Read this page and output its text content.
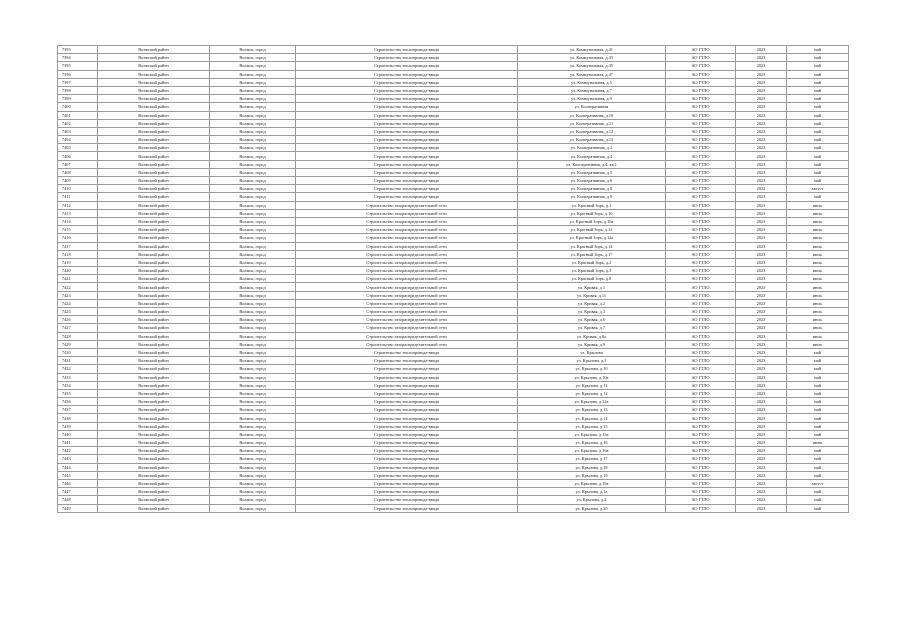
7393	Волжский район	Волжск, город	Строительство теплопровода-ввода	ул. Коммунальная, д.41	АО ГТЛО	2023	май
7394	Волжский район	Волжск, город	Строительство теплопровода-ввода	ул. Коммунальная, д.43	АО ГТЛО	2023	май
7395	Волжский район	Волжск, город	Строительство теплопровода-ввода	ул. Коммунальная, д.45	АО ГТЛО	2023	май
7396	Волжский район	Волжск, город	Строительство теплопровода-ввода	ул. Коммунальная, д.47	АО ГТЛО	2023	май
7397	Волжский район	Волжск, город	Строительство теплопровода-ввода	ул. Коммунальная, д.5	АО ГТЛО	2023	май
7398	Волжский район	Волжск, город	Строительство теплопровода-ввода	ул. Коммунальная, д.7	АО ГТЛО	2023	май
7399	Волжский район	Волжск, город	Строительство теплопровода-ввода	ул. Коммунальная, д.9	АО ГТЛО	2023	май
7400	Волжский район	Волжск, город	Строительство теплопровода-ввода	ул. Кооперативная	АО ГТЛО	2023	май
7401	Волжский район	Волжск, город	Строительство теплопровода-ввода	ул. Кооперативная, д.10	АО ГТЛО	2023	май
7402	Волжский район	Волжск, город	Строительство теплопровода-ввода	ул. Кооперативная, д.11	АО ГТЛО	2023	май
7403	Волжский район	Волжск, город	Строительство теплопровода-ввода	ул. Кооперативная, д.12	АО ГТЛО	2023	май
7404	Волжский район	Волжск, город	Строительство теплопровода-ввода	ул. Кооперативная, д.15	АО ГТЛО	2023	май
7405	Волжский район	Волжск, город	Строительство теплопровода-ввода	ул. Кооперативная, д.2	АО ГТЛО	2023	май
7406	Волжский район	Волжск, город	Строительство теплопровода-ввода	ул. Кооперативная, д.4	АО ГТЛО	2023	май
7407	Волжский район	Волжск, город	Строительство теплопровода-ввода	ул. Кооперативная, д.4, кв.1	АО ГТЛО	2023	май
7408	Волжский район	Волжск, город	Строительство теплопровода-ввода	ул. Кооперативная, д.5	АО ГТЛО	2023	май
7409	Волжский район	Волжск, город	Строительство теплопровода-ввода	ул. Кооперативная, д.6	АО ГТЛО	2023	май
7410	Волжский район	Волжск, город	Строительство теплопровода-ввода	ул. Кооперативная, д.8	АО ГТЛО	2022	август
7411	Волжский район	Волжск, город	Строительство теплопровода-ввода	ул. Кооперативная, д.9	АО ГТЛО	2023	май
7412	Волжский район	Волжск, город	Строительство газораспределительной сети	ул. Красный Зорь, д.1	АО ГТЛО	2023	июль
7413	Волжский район	Волжск, город	Строительство газораспределительной сети	ул. Красный Зорь, д.10	АО ГТЛО	2023	июль
7414	Волжский район	Волжск, город	Строительство газораспределительной сети	ул. Красный Зорь, д.10а	АО ГТЛО	2023	июль
7415	Волжский район	Волжск, город	Строительство газораспределительной сети	ул. Красный Зорь, д.12	АО ГТЛО	2023	июль
7416	Волжский район	Волжск, город	Строительство газораспределительной сети	ул. Красный Зорь, д.12а	АО ГТЛО	2023	июль
7417	Волжский район	Волжск, город	Строительство газораспределительной сети	ул. Красный Зорь, д.14	АО ГТЛО	2023	июль
7418	Волжский район	Волжск, город	Строительство газораспределительной сети	ул. Красный Зорь, д.17	АО ГТЛО	2023	июль
7419	Волжский район	Волжск, город	Строительство газораспределительной сети	ул. Красный Зорь, д.2	АО ГТЛО	2023	июль
7420	Волжский район	Волжск, город	Строительство газораспределительной сети	ул. Красный Зорь, д.3	АО ГТЛО	2023	июль
7421	Волжский район	Волжск, город	Строительство газораспределительной сети	ул. Красный Зорь, д.8	АО ГТЛО	2023	июль
7422	Волжский район	Волжск, город	Строительство газораспределительной сети	ул. Кривая, д.1	АО ГТЛО	2023	июль
7423	Волжский район	Волжск, город	Строительство газораспределительной сети	ул. Кривая, д.11	АО ГТЛО	2023	июль
7424	Волжский район	Волжск, город	Строительство газораспределительной сети	ул. Кривая, д.2	АО ГТЛО	2023	июль
7425	Волжский район	Волжск, город	Строительство газораспределительной сети	ул. Кривая, д.3	АО ГТЛО	2023	июль
7426	Волжский район	Волжск, город	Строительство газораспределительной сети	ул. Кривая, д.6	АО ГТЛО	2023	июль
7427	Волжский район	Волжск, город	Строительство газораспределительной сети	ул. Кривая, д.7	АО ГТЛО	2023	июль
7428	Волжский район	Волжск, город	Строительство газораспределительной сети	ул. Кривая, д.8а	АО ГТЛО	2023	июль
7429	Волжский район	Волжск, город	Строительство газораспределительной сети	ул. Кривая, д.9	АО ГТЛО	2023	июль
7430	Волжский район	Волжск, город	Строительство теплопровода-ввода	ул. Крылова	АО ГТЛО	2023	май
7431	Волжский район	Волжск, город	Строительство теплопровода-ввода	ул. Крылова, д.1	АО ГТЛО	2023	май
7432	Волжский район	Волжск, город	Строительство теплопровода-ввода	ул. Крылова, д.10	АО ГТЛО	2023	май
7433	Волжский район	Волжск, город	Строительство теплопровода-ввода	ул. Крылова, д.10а	АО ГТЛО	2023	май
7434	Волжский район	Волжск, город	Строительство теплопровода-ввода	ул. Крылова, д.11	АО ГТЛО	2023	май
7435	Волжский район	Волжск, город	Строительство теплопровода-ввода	ул. Крылова, д.12	АО ГТЛО	2023	май
7436	Волжский район	Волжск, город	Строительство теплопровода-ввода	ул. Крылова, д.12а	АО ГТЛО	2023	май
7437	Волжский район	Волжск, город	Строительство теплопровода-ввода	ул. Крылова, д.13	АО ГТЛО	2023	май
7438	Волжский район	Волжск, город	Строительство теплопровода-ввода	ул. Крылова, д.14	АО ГТЛО	2023	май
7439	Волжский район	Волжск, город	Строительство теплопровода-ввода	ул. Крылова, д.15	АО ГТЛО	2023	май
7440	Волжский район	Волжск, город	Строительство теплопровода-ввода	ул. Крылова, д.15а	АО ГТЛО	2023	май
7441	Волжский район	Волжск, город	Строительство теплопровода-ввода	ул. Крылова, д.16	АО ГТЛО	2023	июнь
7442	Волжский район	Волжск, город	Строительство теплопровода-ввода	ул. Крылова, д.16а	АО ГТЛО	2023	май
7443	Волжский район	Волжск, город	Строительство теплопровода-ввода	ул. Крылова, д.17	АО ГТЛО	2023	май
7444	Волжский район	Волжск, город	Строительство теплопровода-ввода	ул. Крылова, д.18	АО ГТЛО	2023	май
7445	Волжский район	Волжск, город	Строительство теплопровода-ввода	ул. Крылова, д.19	АО ГТЛО	2023	май
7446	Волжский район	Волжск, город	Строительство теплопровода-ввода	ул. Крылова, д.19а	АО ГТЛО	2023	август
7447	Волжский район	Волжск, город	Строительство теплопровода-ввода	ул. Крылова, д.1а	АО ГТЛО	2023	май
7448	Волжский район	Волжск, город	Строительство теплопровода-ввода	ул. Крылова, д.2	АО ГТЛО	2023	май
7449	Волжский район	Волжск, город	Строительство теплопровода-ввода	ул. Крылова, д.20	АО ГТЛО	2023	май
